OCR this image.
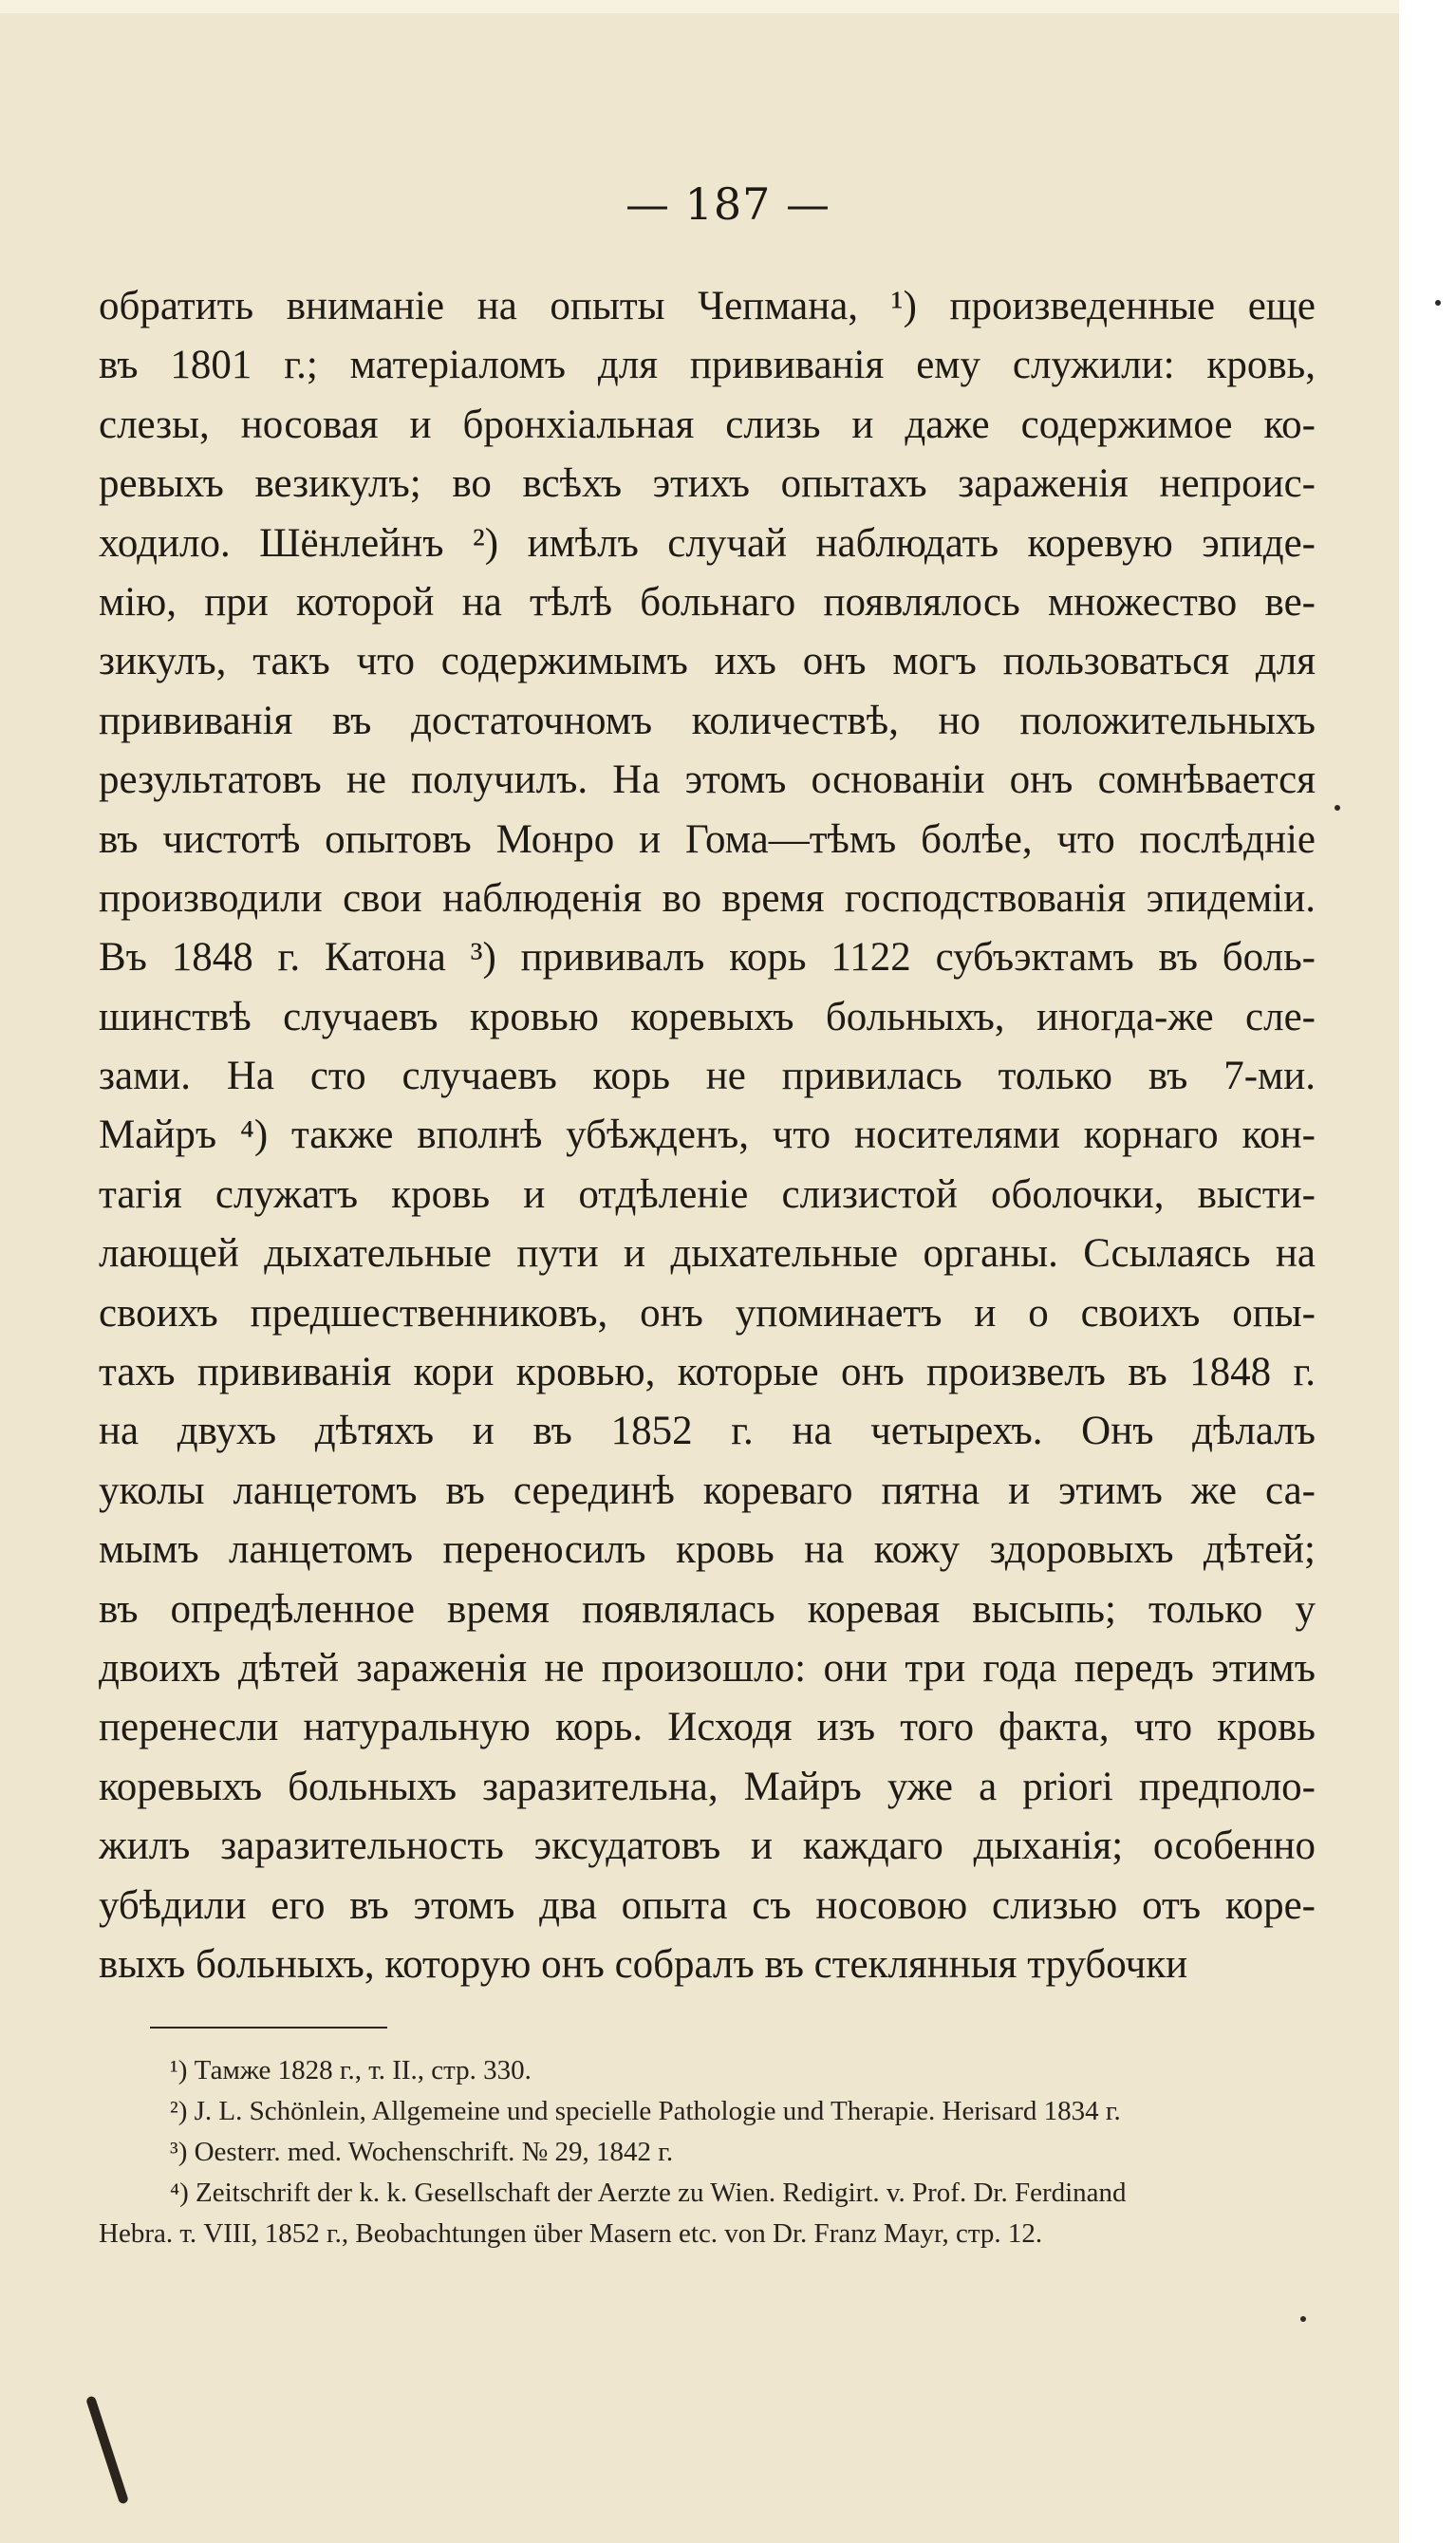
— 187 —
обратить вниманіе на опыты Чепмана, ¹) произведенные еще
въ 1801 г.; матеріаломъ для прививанія ему служили: кровь,
слезы, носовая и бронхіальная слизь и даже содержимое ко-
ревыхъ везикулъ; во всѣхъ этихъ опытахъ зараженія непроис-
ходило. Шёнлейнъ ²) имѣлъ случай наблюдать коревую эпиде-
мію, при которой на тѣлѣ больнаго появлялось множество ве-
зикулъ, такъ что содержимымъ ихъ онъ могъ пользоваться для
прививанія въ достаточномъ количествѣ, но положительныхъ
результатовъ не получилъ. На этомъ основаніи онъ сомнѣвается
въ чистотѣ опытовъ Монро и Гома—тѣмъ болѣе, что послѣдніе
производили свои наблюденія во время господствованія эпидеміи.
Въ 1848 г. Катона ³) прививалъ корь 1122 субъэктамъ въ боль-
шинствѣ случаевъ кровью коревыхъ больныхъ, иногда-же сле-
зами. На сто случаевъ корь не привилась только въ 7-ми.
Майръ ⁴) также вполнѣ убѣжденъ, что носителями корнаго кон-
тагія служатъ кровь и отдѣленіе слизистой оболочки, высти-
лающей дыхательные пути и дыхательные органы. Ссылаясь на
своихъ предшественниковъ, онъ упоминаетъ и о своихъ опы-
тахъ прививанія кори кровью, которые онъ произвелъ въ 1848 г.
на двухъ дѣтяхъ и въ 1852 г. на четырехъ. Онъ дѣлалъ
уколы ланцетомъ въ серединѣ кореваго пятна и этимъ же са-
мымъ ланцетомъ переносилъ кровь на кожу здоровыхъ дѣтей;
въ опредѣленное время появлялась коревая высыпь; только у
двоихъ дѣтей зараженія не произошло: они три года передъ этимъ
перенесли натуральную корь. Исходя изъ того факта, что кровь
коревыхъ больныхъ заразительна, Майръ уже a priori предполо-
жилъ заразительность эксудатовъ и каждаго дыханія; особенно
убѣдили его въ этомъ два опыта съ носовою слизью отъ коре-
выхъ больныхъ, которую онъ собралъ въ стеклянныя трубочки
¹) Тамже 1828 г., т. II., стр. 330.
²) J. L. Schönlein, Allgemeine und specielle Pathologie und Therapie. Herisard 1834 г.
³) Oesterr. med. Wochenschrift. № 29, 1842 г.
⁴) Zeitschrift der k. k. Gesellschaft der Aerzte zu Wien. Redigirt. v. Prof. Dr. Ferdinand
Hebra. т. VIII, 1852 г., Beobachtungen über Masern etc. von Dr. Franz Mayr, стр. 12.
